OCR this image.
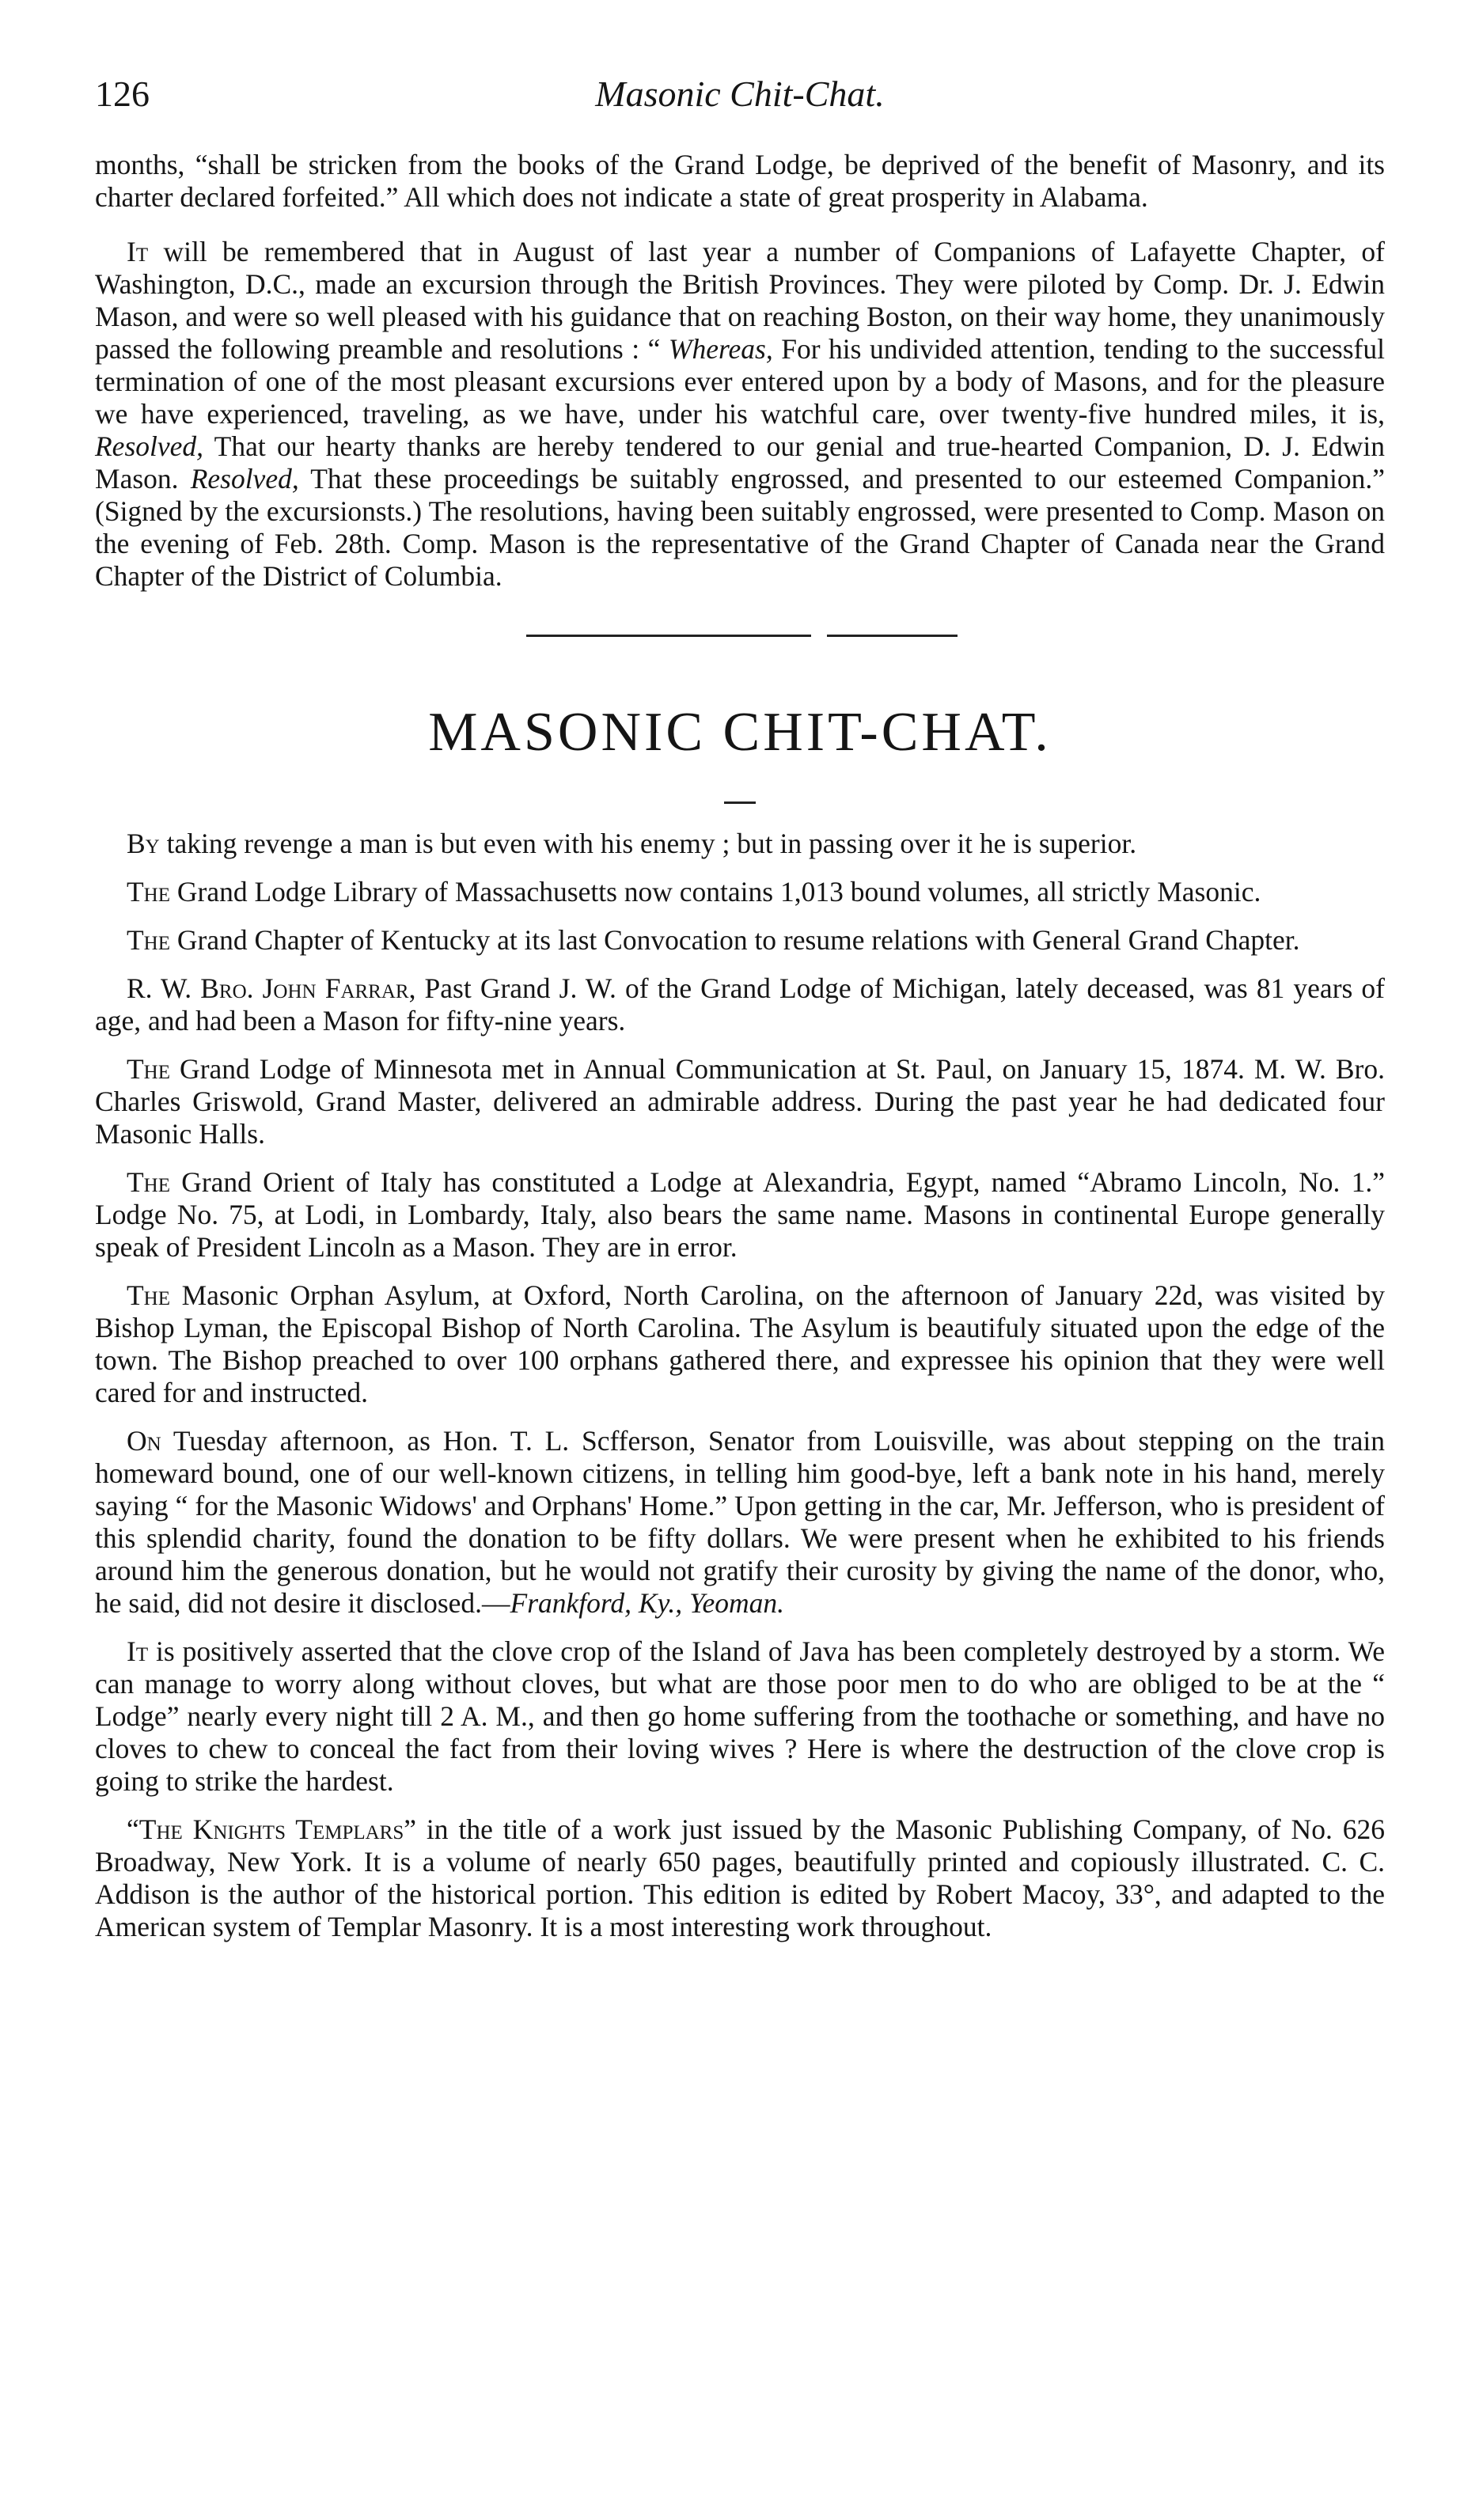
126	Masonic Chit-Chat.

months, “shall be stricken from the books of the Grand Lodge, be deprived of the benefit of Masonry, and its charter declared forfeited.” All which does not indicate a state of great prosperity in Alabama.

It will be remembered that in August of last year a number of Companions of Lafayette Chapter, of Washington, D.C., made an excursion through the British Provinces. They were piloted by Comp. Dr. J. Edwin Mason, and were so well pleased with his guidance that on reaching Boston, on their way home, they unanimously passed the following preamble and resolutions : “ Whereas, For his undivided attention, tending to the successful termination of one of the most pleasant excursions ever entered upon by a body of Masons, and for the pleasure we have experienced, traveling, as we have, under his watchful care, over twenty-five hundred miles, it is, Resolved, That our hearty thanks are hereby tendered to our genial and true-hearted Companion, D. J. Edwin Mason. Resolved, That these proceedings be suitably engrossed, and presented to our esteemed Companion.” (Signed by the excursionsts.) The resolutions, having been suitably engrossed, were presented to Comp. Mason on the evening of Feb. 28th. Comp. Mason is the representative of the Grand Chapter of Canada near the Grand Chapter of the District of Columbia.

MASONIC CHIT-CHAT.

By taking revenge a man is but even with his enemy ; but in passing over it he is superior.

The Grand Lodge Library of Massachusetts now contains 1,013 bound volumes, all strictly Masonic.

The Grand Chapter of Kentucky at its last Convocation to resume relations with General Grand Chapter.

R. W. Bro. John Farrar, Past Grand J. W. of the Grand Lodge of Michigan, lately deceased, was 81 years of age, and had been a Mason for fifty-nine years.

The Grand Lodge of Minnesota met in Annual Communication at St. Paul, on January 15, 1874. M. W. Bro. Charles Griswold, Grand Master, delivered an admirable address. During the past year he had dedicated four Masonic Halls.

The Grand Orient of Italy has constituted a Lodge at Alexandria, Egypt, named “Abramo Lincoln, No. 1.” Lodge No. 75, at Lodi, in Lombardy, Italy, also bears the same name. Masons in continental Europe generally speak of President Lincoln as a Mason. They are in error.

The Masonic Orphan Asylum, at Oxford, North Carolina, on the afternoon of January 22d, was visited by Bishop Lyman, the Episcopal Bishop of North Carolina. The Asylum is beautifuly situated upon the edge of the town. The Bishop preached to over 100 orphans gathered there, and expressee his opinion that they were well cared for and instructed.

On Tuesday afternoon, as Hon. T. L. Scfferson, Senator from Louisville, was about stepping on the train homeward bound, one of our well-known citizens, in telling him good-bye, left a bank note in his hand, merely saying “ for the Masonic Widows' and Orphans' Home.” Upon getting in the car, Mr. Jefferson, who is president of this splendid charity, found the donation to be fifty dollars. We were present when he exhibited to his friends around him the generous donation, but he would not gratify their curosity by giving the name of the donor, who, he said, did not desire it disclosed.—Frankford, Ky., Yeoman.

It is positively asserted that the clove crop of the Island of Java has been completely destroyed by a storm. We can manage to worry along without cloves, but what are those poor men to do who are obliged to be at the “ Lodge” nearly every night till 2 A. M., and then go home suffering from the toothache or something, and have no cloves to chew to conceal the fact from their loving wives ? Here is where the destruction of the clove crop is going to strike the hardest.

“The Knights Templars” in the title of a work just issued by the Masonic Publishing Company, of No. 626 Broadway, New York. It is a volume of nearly 650 pages, beautifully printed and copiously illustrated. C. C. Addison is the author of the historical portion. This edition is edited by Robert Macoy, 33°, and adapted to the American system of Templar Masonry. It is a most interesting work throughout.
